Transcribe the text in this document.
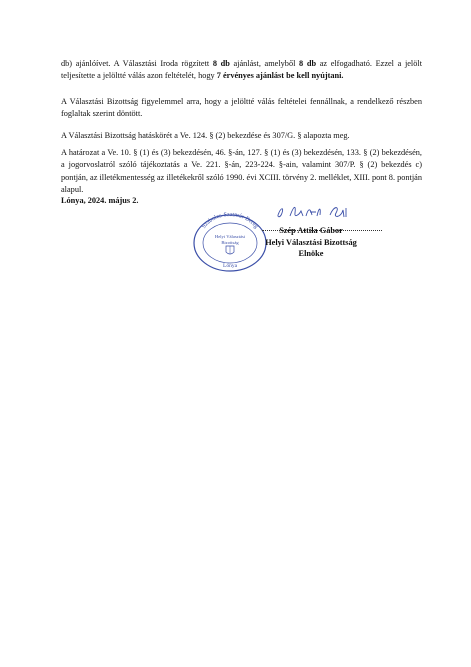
db) ajánlóívet. A Választási Iroda rögzített 8 db ajánlást, amelyből 8 db az elfogadható. Ezzel a jelölt teljesítette a jelöltté válás azon feltételét, hogy 7 érvényes ajánlást be kell nyújtani.

A Választási Bizottság figyelemmel arra, hogy a jelöltté válás feltételei fennállnak, a rendelkező részben foglaltak szerint döntött.

A Választási Bizottság hatáskörét a Ve. 124. § (2) bekezdése és 307/G. § alapozta meg.

A határozat a Ve. 10. § (1) és (3) bekezdésén, 46. §-án, 127. § (1) és (3) bekezdésén, 133. § (2) bekezdésén, a jogorvoslatról szóló tájékoztatás a Ve. 221. §-án, 223-224. §-ain, valamint 307/P. § (2) bekezdés c) pontján, az illetékmentesség az illetékekről szóló 1990. évi XCIII. törvény 2. melléklet, XIII. pont 8. pontján alapul.

Lónya, 2024. május 2.
Szabolcs-Szatmár-Bereg
Helyi Választási
Bizottság
Lónya
Szép Attila Gábor
Helyi Választási Bizottság
Elnöke
